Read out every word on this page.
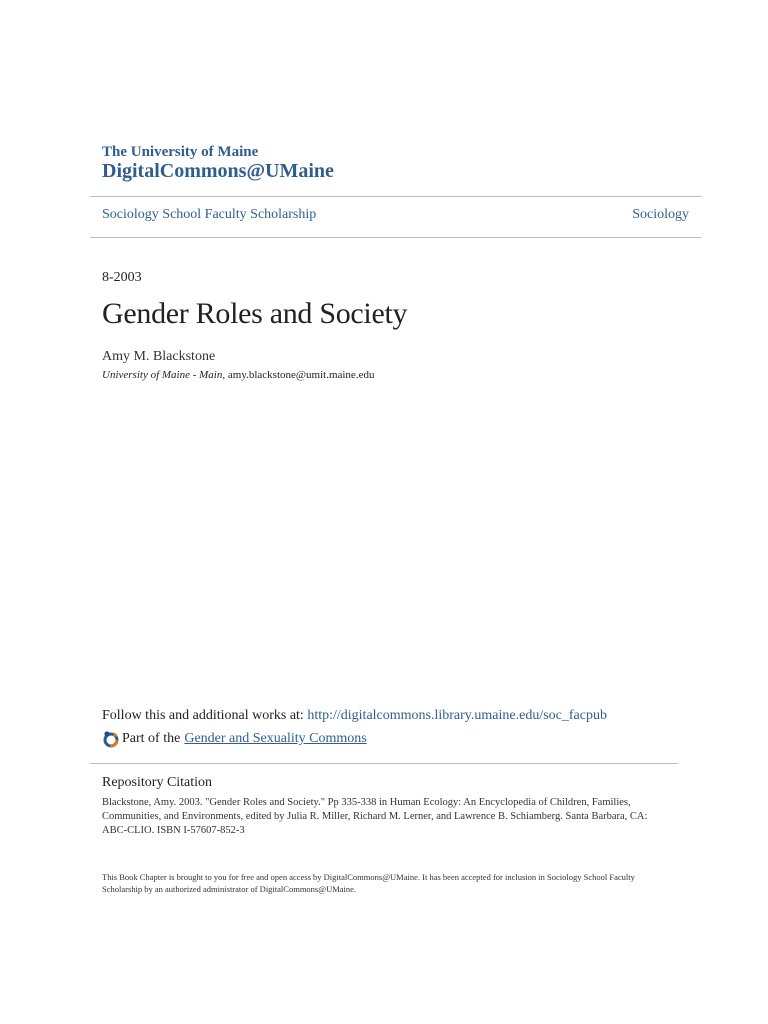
The University of Maine
DigitalCommons@UMaine
Sociology School Faculty Scholarship	Sociology
8-2003
Gender Roles and Society
Amy M. Blackstone
University of Maine - Main, amy.blackstone@umit.maine.edu
Follow this and additional works at: http://digitalcommons.library.umaine.edu/soc_facpub
Part of the Gender and Sexuality Commons
Repository Citation
Blackstone, Amy. 2003. "Gender Roles and Society." Pp 335-338 in Human Ecology: An Encyclopedia of Children, Families, Communities, and Environments, edited by Julia R. Miller, Richard M. Lerner, and Lawrence B. Schiamberg. Santa Barbara, CA: ABC-CLIO. ISBN I-57607-852-3
This Book Chapter is brought to you for free and open access by DigitalCommons@UMaine. It has been accepted for inclusion in Sociology School Faculty Scholarship by an authorized administrator of DigitalCommons@UMaine.
